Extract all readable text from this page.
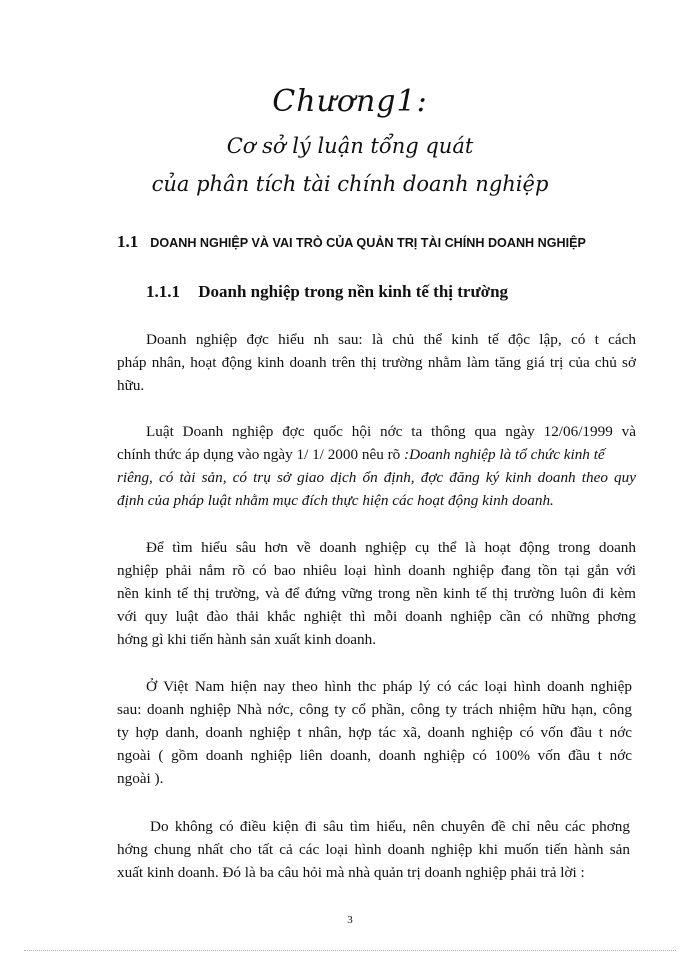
Chương1:
Cơ sở lý luận tổng quát
của phân tích tài chính doanh nghiệp
1.1 DOANH NGHIỆP VÀ VAI TRÒ CỦA QUẢN TRỊ TÀI CHÍNH DOANH NGHIỆP
1.1.1 Doanh nghiệp trong nền kinh tế thị trường
Doanh nghiệp đợc hiểu nh sau: là chủ thể kinh tế độc lập, có t cách
pháp nhân, hoạt động kinh doanh trên thị trường nhằm làm tăng giá trị của chủ sở
hữu.
Luật Doanh nghiệp đợc quốc hội nớc ta thông qua ngày 12/06/1999 và
chính thức áp dụng vào ngày 1/ 1/ 2000 nêu rõ :Doanh nghiệp là tổ chức kinh tế
riêng, có tài sản, có trụ sở giao dịch ổn định, đợc đăng ký kinh doanh theo quy
định của pháp luật nhằm mục đích thực hiện các hoạt động kinh doanh.
Để tìm hiểu sâu hơn về doanh nghiệp cụ thể là hoạt động trong doanh
nghiệp phải nắm rõ có bao nhiêu loại hình doanh nghiệp đang tồn tại gắn với
nền kinh tế thị trường, và để đứng vững trong nền kinh tế thị trường luôn đi kèm
với quy luật đào thải khắc nghiệt thì mỗi doanh nghiệp cần có những phơng
hớng gì khi tiến hành sản xuất kinh doanh.
Ở Việt Nam hiện nay theo hình thc pháp lý có các loại hình doanh nghiệp
sau: doanh nghiệp Nhà nớc, công ty cổ phần, công ty trách nhiệm hữu hạn, công
ty hợp danh, doanh nghiệp t nhân, hợp tác xã, doanh nghiệp có vốn đầu t nớc
ngoài ( gồm doanh nghiệp liên doanh, doanh nghiệp có 100% vốn đầu t nớc
ngoài ).
Do không có điều kiện đi sâu tìm hiểu, nên chuyên đề chỉ nêu các phơng
hớng chung nhất cho tất cả các loại hình doanh nghiệp khi muốn tiến hành sản
xuất kinh doanh. Đó là ba câu hỏi mà nhà quản trị doanh nghiệp phải trả lời :
3
